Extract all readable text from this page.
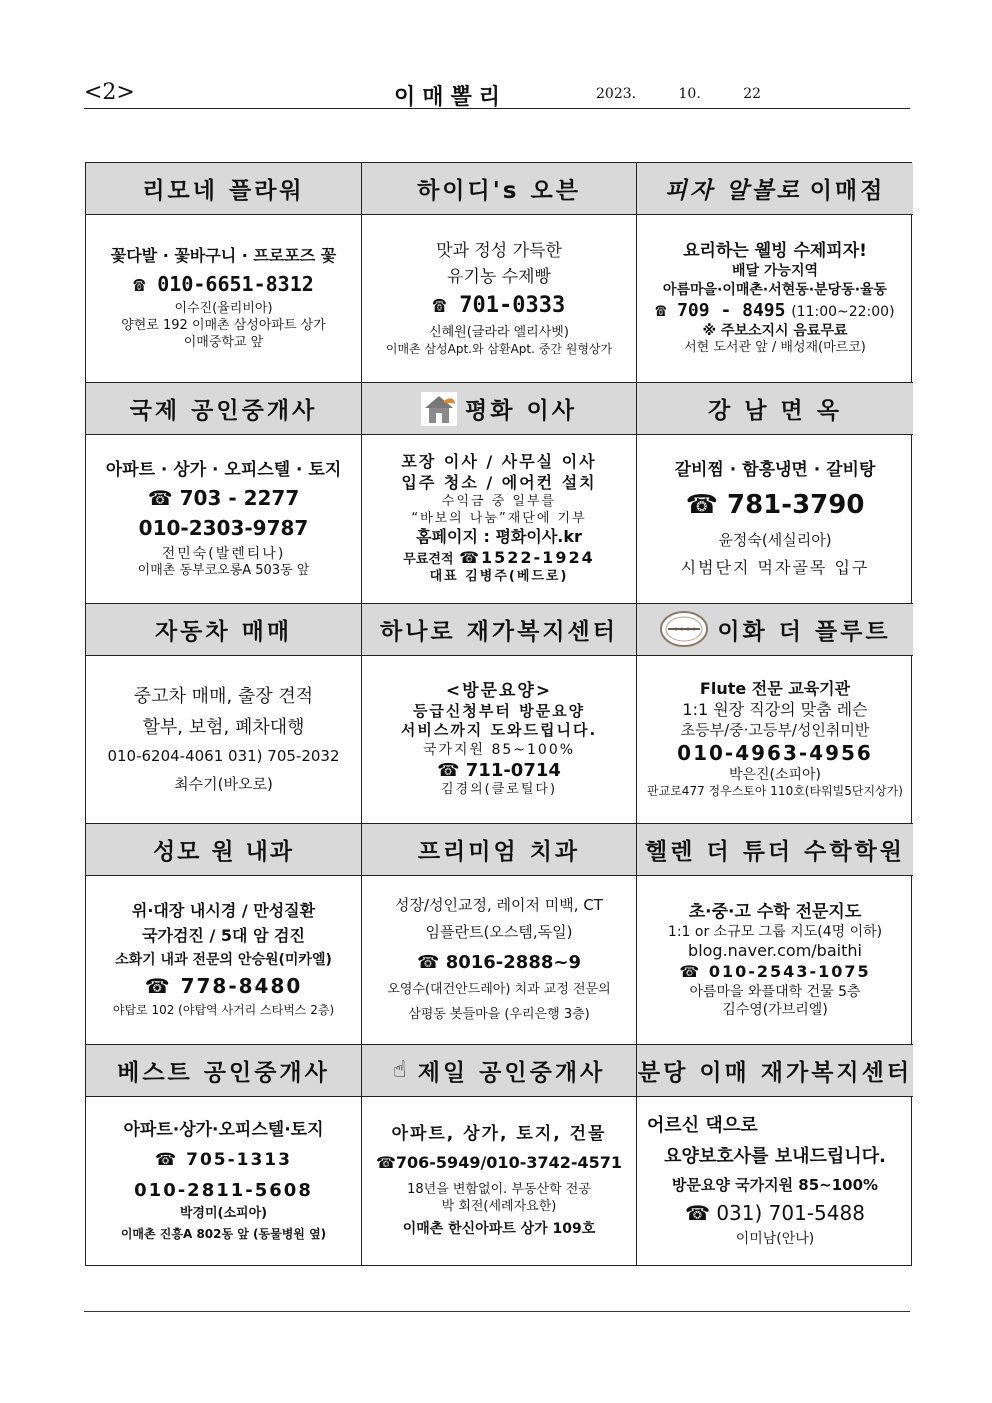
<2>	이매뽈리	2023. 10. 22
리모네 플라워
꽃다발 · 꽃바구니 · 프로포즈 꽃
☎ 010-6651-8312
이수진(율리비아)
양현로 192 이매촌 삼성아파트 상가
이매중학교 앞
하이디's 오븐
맛과 정성 가득한
유기농 수제빵
☎ 701-0333
신혜원(글라라 엘리사벳)
이매촌 삼성Apt.와 삼환Apt. 중간 원형상가
피자 알볼로 이매점
요리하는 웰빙 수제피자!
배달 가능지역
아름마을·이매촌·서현동·분당동·율동
☎ 709 - 8495 (11:00~22:00)
※ 주보소지시 음료무료
서현 도서관 앞 / 배성재(마르코)
국제 공인중개사
아파트 · 상가 · 오피스텔 · 토지
☎ 703 - 2277
010-2303-9787
전민숙(발렌티나)
이매촌 동부코오롱A 503동 앞
평화 이사
포장 이사 / 사무실 이사
입주 청소 / 에어컨 설치
수익금 중 일부를
“바보의 나눔”재단에 기부
홈페이지 : 평화이사.kr
무료견적 ☎1522-1924
대표 김병주(베드로)
강 남 면 옥
갈비찜 · 함흥냉면 · 갈비탕
☎ 781-3790
윤정숙(세실리아)
시범단지 먹자골목 입구
자동차 매매
중고차 매매, 출장 견적
할부, 보험, 폐차대행
010-6204-4061 031) 705-2032
최수기(바오로)
하나로 재가복지센터
<방문요양>
등급신청부터 방문요양
서비스까지 도와드립니다.
국가지원 85~100%
☎ 711-0714
김경의(클로틸다)
이화 더 플루트
Flute 전문 교육기관
1:1 원장 직강의 맞춤 레슨
초등부/중·고등부/성인취미반
010-4963-4956
박은진(소피아)
판교로477 정우스토아 110호(타워빌5단지상가)
성모 원 내과
위·대장 내시경 / 만성질환
국가검진 / 5대 암 검진
소화기 내과 전문의 안승원(미카엘)
☎ 778-8480
야탑로 102 (야탑역 사거리 스타벅스 2층)
프리미엄 치과
성장/성인교정, 레이저 미백, CT
임플란트(오스템,독일)
☎ 8016-2888~9
오영수(대건안드레아) 치과 교정 전문의
삼평동 봇들마을 (우리은행 3층)
헬렌 더 튜더 수학학원
초·중·고 수학 전문지도
1:1 or 소규모 그룹 지도(4명 이하)
blog.naver.com/baithi
☎ 010-2543-1075
아름마을 와플대학 건물 5층
김수영(가브리엘)
베스트 공인중개사
아파트·상가·오피스텔·토지
☎ 705-1313
010-2811-5608
박경미(소피아)
이매촌 진흥A 802동 앞 (동물병원 옆)
☝ 제일 공인중개사
아파트, 상가, 토지, 건물
☎706-5949/010-3742-4571
18년을 변함없이. 부동산학 전공
박 회전(세례자요한)
이매촌 한신아파트 상가 109호
분당 이매 재가복지센터
어르신 댁으로
요양보호사를 보내드립니다.
방문요양 국가지원 85~100%
☎ 031) 701-5488
이미남(안나)
